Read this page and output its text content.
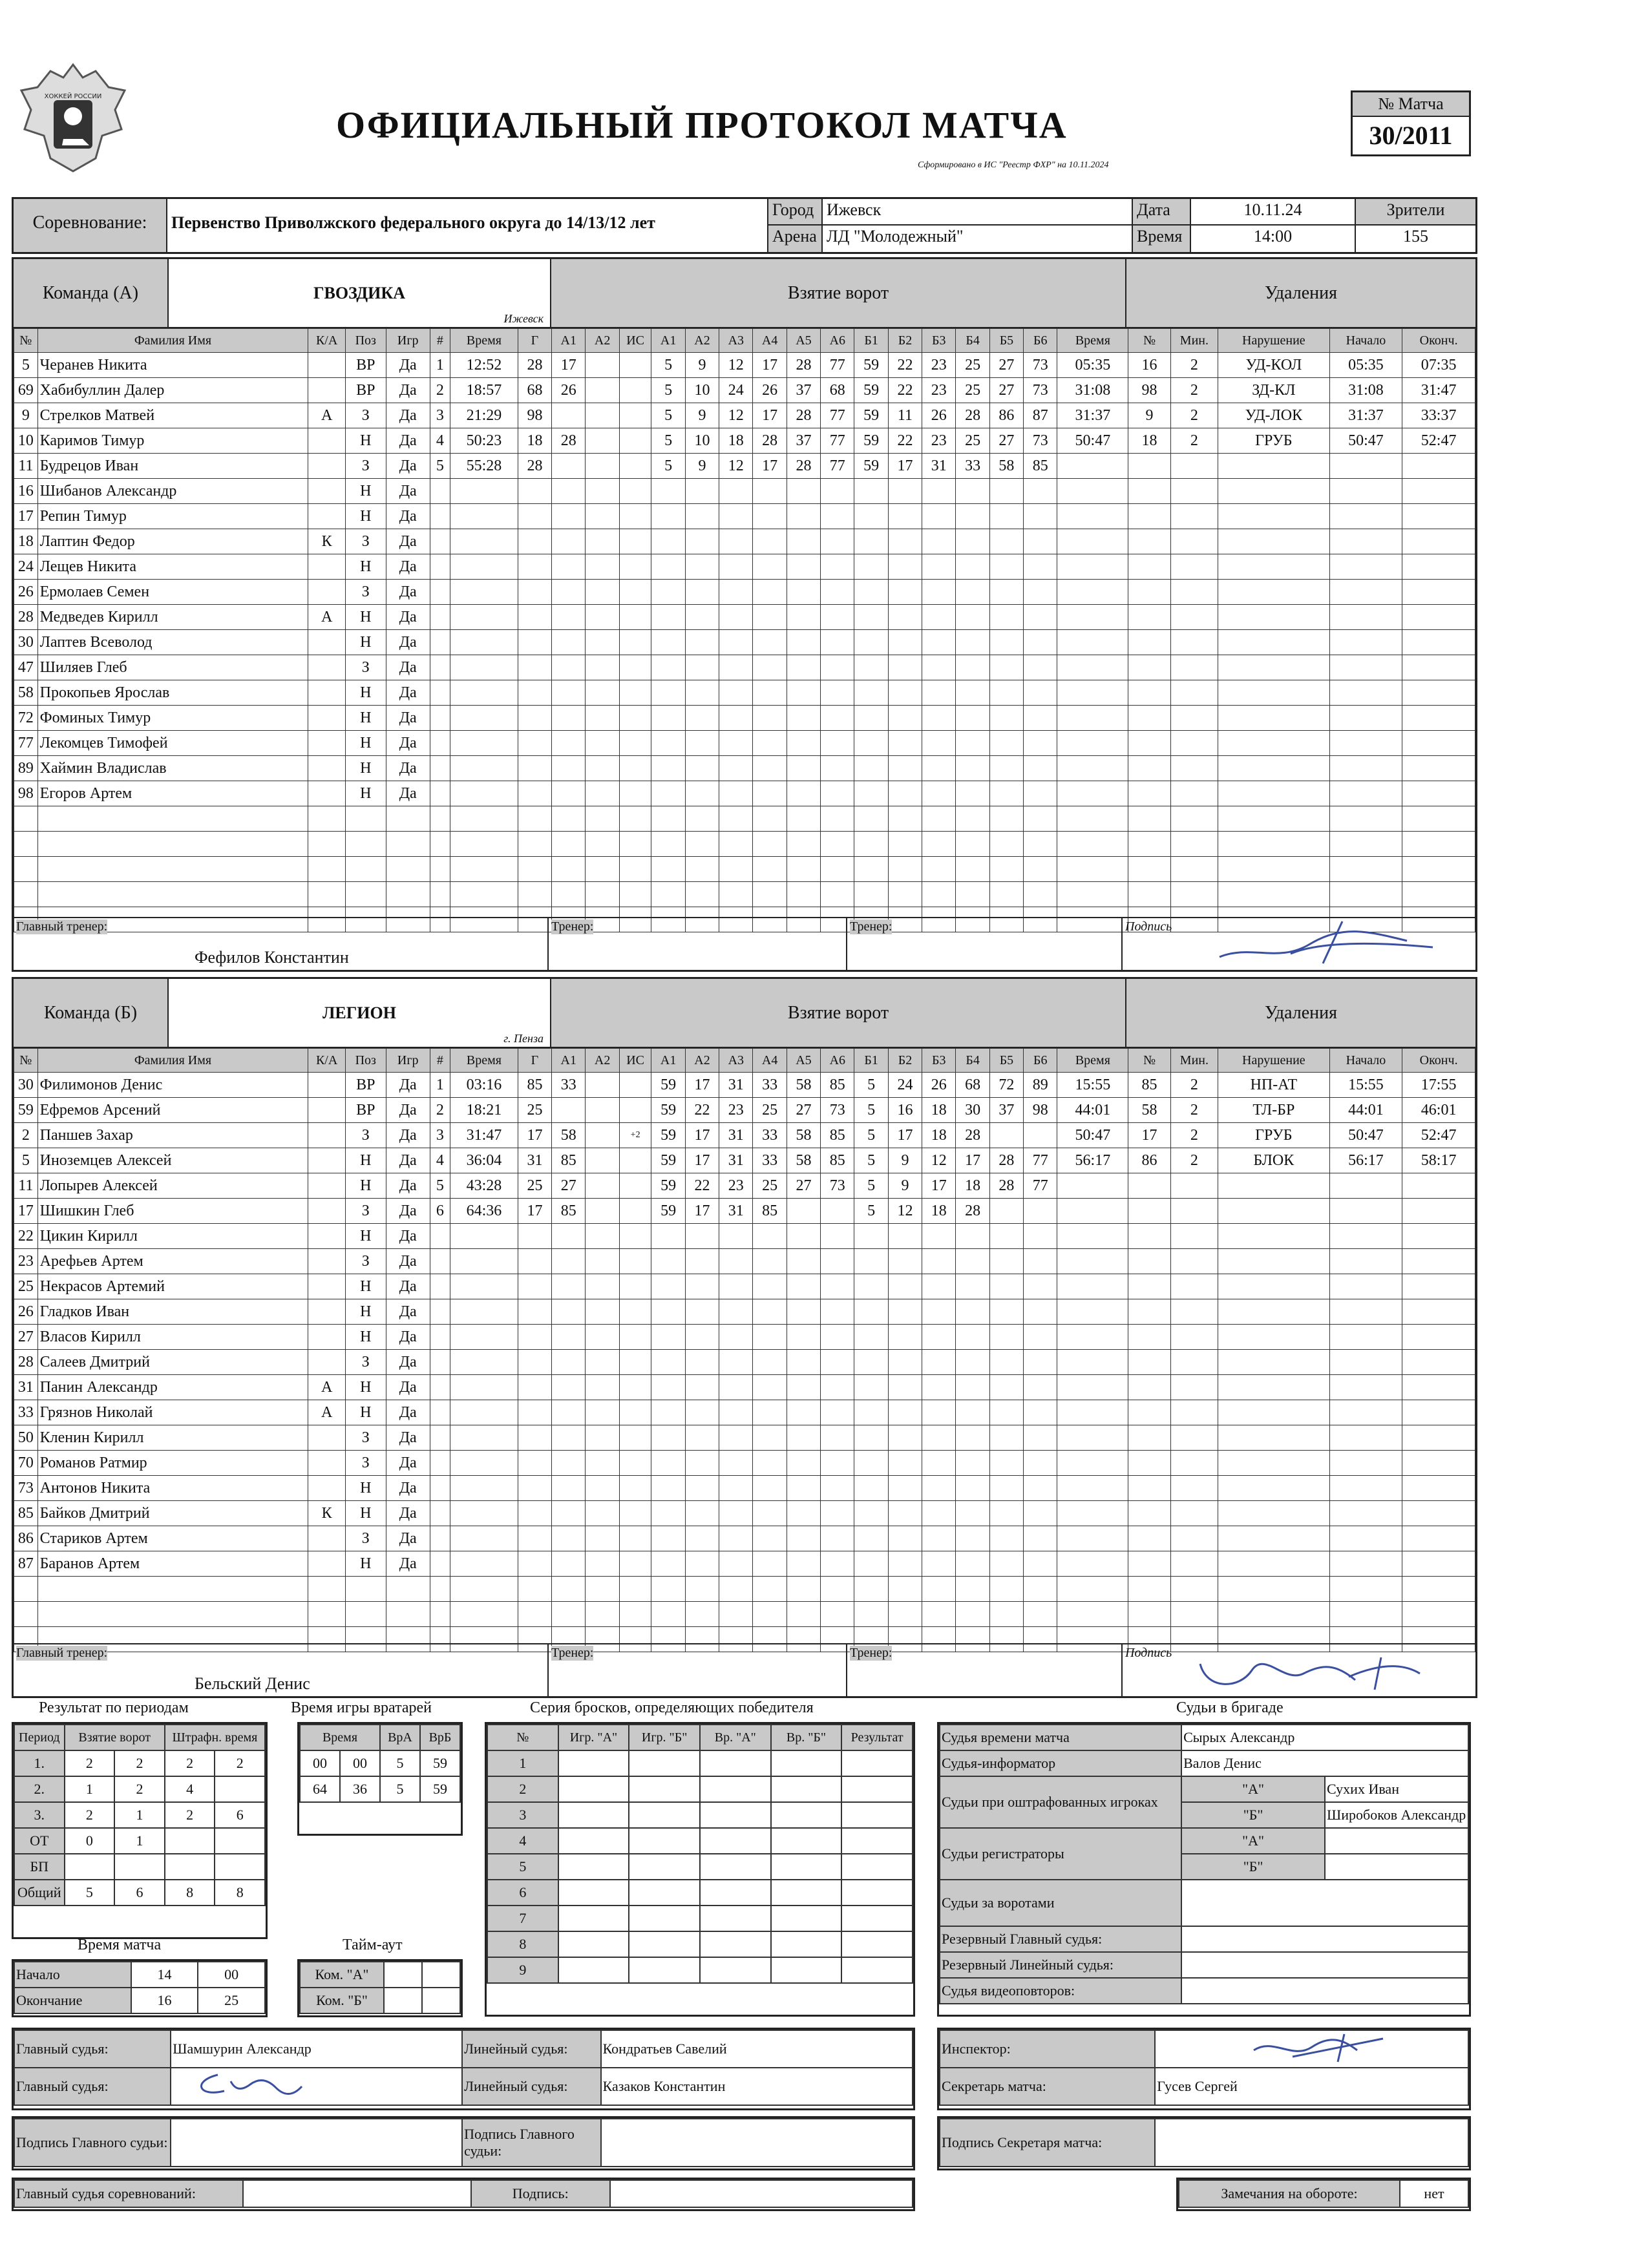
ХОККЕЙ РОССИИ
ОФИЦИАЛЬНЫЙ ПРОТОКОЛ МАТЧА
Сформировано в ИС "Реестр ФХР" на 10.11.2024
№ Матча
30/2011
Соревнование:	Первенство Приволжского федерального округа до 14/13/12 лет
Город Ижевск
Арена ЛД "Молодежный"
Дата	10.11.24
Время	14:00
Зрители
155
Команда (А)	ГВОЗДИКА
Ижевск
Взятие ворот	Удаления
№	Фамилия Имя	К/А	Поз	Игр	#	Время	Г	А1	А2	ИС	А1	А2	А3	А4	А5	А6	Б1	Б2	Б3	Б4	Б5	Б6	Время	№	Мин.	Нарушение	Начало	Оконч.
5	Черанев Никита		ВР	Да	1	12:52	28	17			5	9	12	17	28	77	59	22	23	25	27	73	05:35	16	2	УД-КОЛ	05:35	07:35
69	Хабибуллин Далер		ВР	Да	2	18:57	68	26			5	10	24	26	37	68	59	22	23	25	27	73	31:08	98	2	ЗД-КЛ	31:08	31:47
9	Стрелков Матвей	А	З	Да	3	21:29	98				5	9	12	17	28	77	59	11	26	28	86	87	31:37	9	2	УД-ЛОК	31:37	33:37
10	Каримов Тимур		Н	Да	4	50:23	18	28			5	10	18	28	37	77	59	22	23	25	27	73	50:47	18	2	ГРУБ	50:47	52:47
11	Будрецов Иван		З	Да	5	55:28	28				5	9	12	17	28	77	59	17	31	33	58	85						
16	Шибанов Александр		Н	Да																								
17	Репин Тимур		Н	Да																								
18	Лаптин Федор	К	З	Да																								
24	Лещев Никита		Н	Да																								
26	Ермолаев Семен		З	Да																								
28	Медведев Кирилл	А	Н	Да																								
30	Лаптев Всеволод		Н	Да																								
47	Шиляев Глеб		З	Да																								
58	Прокопьев Ярослав		Н	Да																								
72	Фоминых Тимур		Н	Да																								
77	Лекомцев Тимофей		Н	Да																								
89	Хаймин Владислав		Н	Да																								
98	Егоров Артем		Н	Да																								

Главный тренер:
Фефилов Константин
Тренер:	Тренер:	Подпись
Команда (Б)	ЛЕГИОН
г. Пенза
Взятие ворот	Удаления
№	Фамилия Имя	К/А	Поз	Игр	#	Время	Г	А1	А2	ИС	А1	А2	А3	А4	А5	А6	Б1	Б2	Б3	Б4	Б5	Б6	Время	№	Мин.	Нарушение	Начало	Оконч.
30	Филимонов Денис		ВР	Да	1	03:16	85	33			59	17	31	33	58	85	5	24	26	68	72	89	15:55	85	2	НП-АТ	15:55	17:55
59	Ефремов Арсений		ВР	Да	2	18:21	25				59	22	23	25	27	73	5	16	18	30	37	98	44:01	58	2	ТЛ-БР	44:01	46:01
2	Паншев Захар		З	Да	3	31:47	17	58		+2	59	17	31	33	58	85	5	17	18	28			50:47	17	2	ГРУБ	50:47	52:47
5	Иноземцев Алексей		Н	Да	4	36:04	31	85			59	17	31	33	58	85	5	9	12	17	28	77	56:17	86	2	БЛОК	56:17	58:17
11	Лопырев Алексей		Н	Да	5	43:28	25	27			59	22	23	25	27	73	5	9	17	18	28	77						
17	Шишкин Глеб		З	Да	6	64:36	17	85			59	17	31	85			5	12	18	28								
22	Цикин Кирилл		Н	Да																								
23	Арефьев Артем		З	Да																								
25	Некрасов Артемий		Н	Да																								
26	Гладков Иван		Н	Да																								
27	Власов Кирилл		Н	Да																								
28	Салеев Дмитрий		З	Да																								
31	Панин Александр	А	Н	Да																								
33	Грязнов Николай	А	Н	Да																								
50	Кленин Кирилл		З	Да																								
70	Романов Ратмир		З	Да																								
73	Антонов Никита		Н	Да																								
85	Байков Дмитрий	К	Н	Да																								
86	Стариков Артем		З	Да																								
87	Баранов Артем		Н	Да																								

Главный тренер:
Бельский Денис
Тренер:	Тренер:	Подпись
Результат по периодам
Период	Взятие ворот		Штрафн. время	
1.	2	2	2	2
2.	1	2	4	
3.	2	1	2	6
ОТ	0	1		
БП				
Общий	5	6	8	8
Время игры вратарей
Время		ВрА	ВрБ
00	00	5	59
64	36	5	59
Время матча
Начало	14	00
Окончание	16	25
Тайм-аут
Ком. "А"		
Ком. "Б"		
Серия бросков, определяющих победителя
№	Игр. "А"	Игр. "Б"	Вр. "А"	Вр. "Б"	Результат
1					
2					
3					
4					
5					
6					
7					
8					
9					
Судьи в бригаде
Судья времени матча	Сырых Александр	
Судья-информатор	Валов Денис	
Судьи при оштрафованных игроках	"А"	Сухих Иван
	"Б"	Широбоков Александр
Судьи регистраторы	"А"	
	"Б"	
Судьи за воротами		
Резервный Главный судья:		
Резервный Линейный судья:		
Судья видеоповторов:		
Главный судья:	Шамшурин Александр	Линейный судья:	Кондратьев Савелий
Главный судья:		Линейный судья:	Казаков Константин
Инспектор:	
Секретарь матча:	Гусев Сергей
Подпись Главного судьи:		Подпись Главного судьи:	
Подпись Секретаря матча:	
Главный судья соревнований:		Подпись:		Замечания на обороте:	нет
